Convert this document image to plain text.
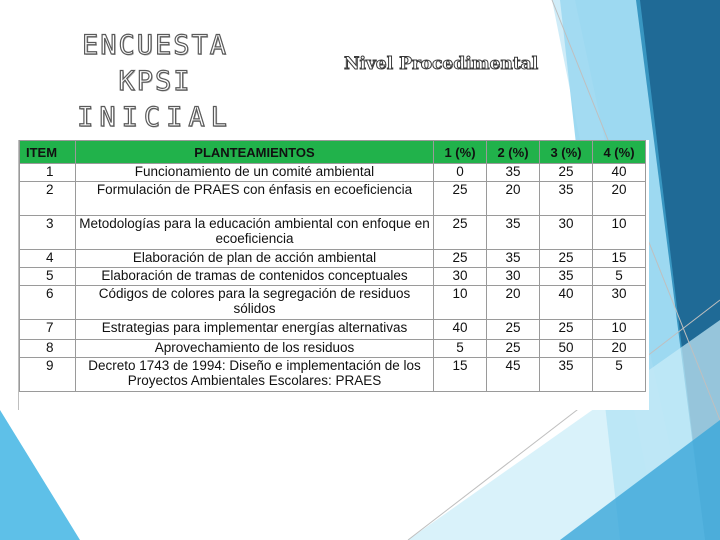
ENCUESTA KPSI
INICIAL
Nivel Procedimental
ITEM	PLANTEAMIENTOS	1 (%)	2 (%)	3 (%)	4 (%)
1	Funcionamiento de un comité ambiental	0	35	25	40
2	Formulación de PRAES con énfasis en ecoeficiencia	25	20	35	20
3	Metodologías para la educación ambiental con enfoque en ecoeficiencia	25	35	30	10
4	Elaboración de plan de acción ambiental	25	35	25	15
5	Elaboración de tramas de contenidos conceptuales	30	30	35	5
6	Códigos de colores para la segregación de residuos sólidos	10	20	40	30
7	Estrategias para implementar energías alternativas	40	25	25	10
8	Aprovechamiento de los residuos	5	25	50	20
9	Decreto 1743 de 1994: Diseño e implementación de los Proyectos Ambientales Escolares: PRAES	15	45	35	5
